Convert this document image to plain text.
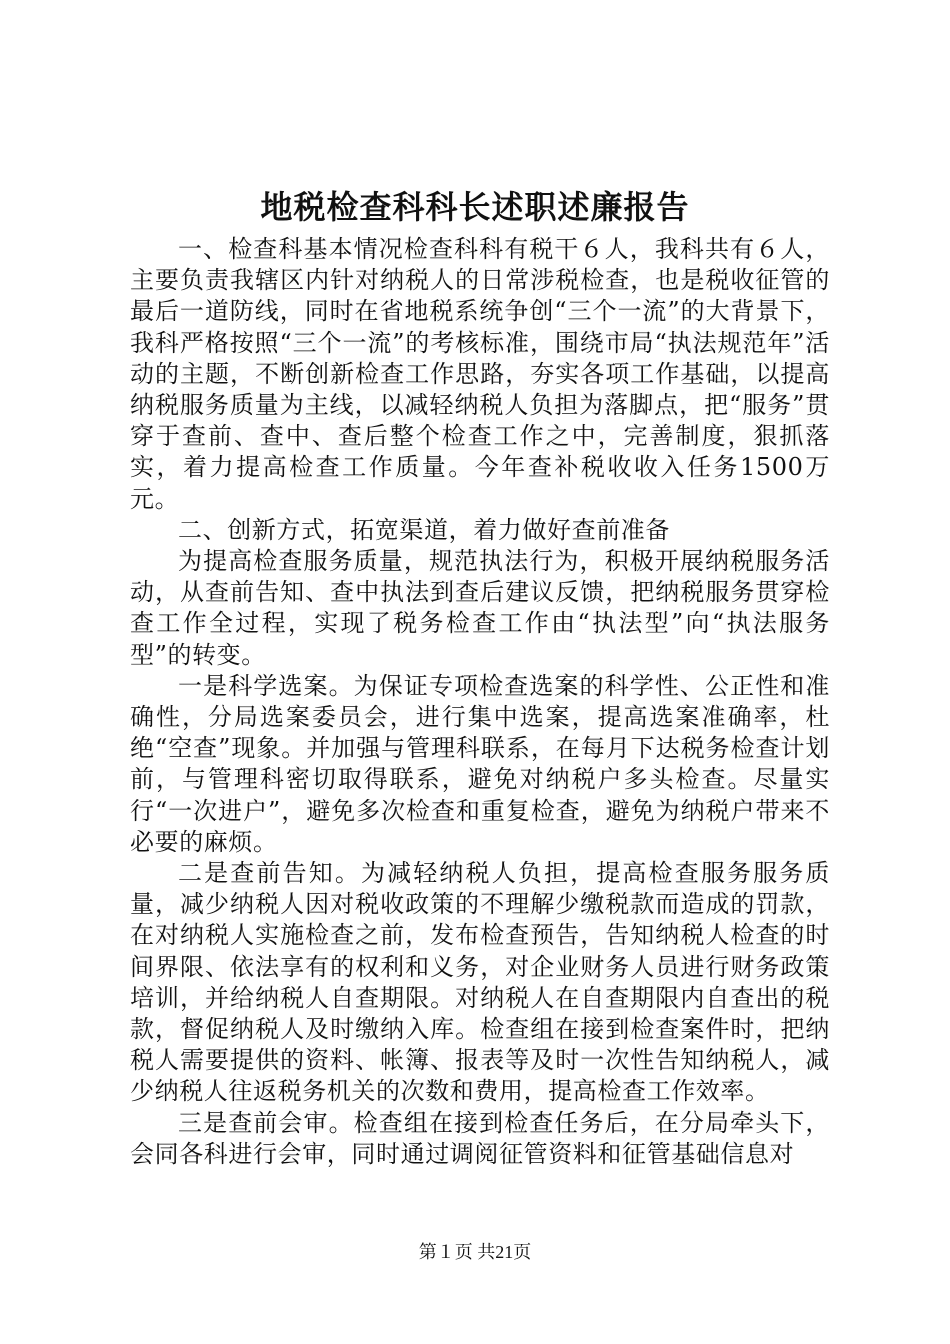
地税检查科科长述职述廉报告

一、检查科基本情况检查科科有税干６人，我科共有６人，主要负责我辖区内针对纳税人的日常涉税检查，也是税收征管的最后一道防线，同时在省地税系统争创“三个一流”的大背景下，我科严格按照“三个一流”的考核标准，围绕市局“执法规范年”活动的主题，不断创新检查工作思路，夯实各项工作基础，以提高纳税服务质量为主线，以减轻纳税人负担为落脚点，把“服务”贯穿于查前、查中、查后整个检查工作之中，完善制度，狠抓落实，着力提高检查工作质量。今年查补税收收入任务1500万元。

二、创新方式，拓宽渠道，着力做好查前准备

为提高检查服务质量，规范执法行为，积极开展纳税服务活动，从查前告知、查中执法到查后建议反馈，把纳税服务贯穿检查工作全过程，实现了税务检查工作由“执法型”向“执法服务型”的转变。

一是科学选案。为保证专项检查选案的科学性、公正性和准确性，分局选案委员会，进行集中选案，提高选案准确率，杜绝“空查”现象。并加强与管理科联系，在每月下达税务检查计划前，与管理科密切取得联系，避免对纳税户多头检查。尽量实行“一次进户”，避免多次检查和重复检查，避免为纳税户带来不必要的麻烦。

二是查前告知。为减轻纳税人负担，提高检查服务服务质量，减少纳税人因对税收政策的不理解少缴税款而造成的罚款，在对纳税人实施检查之前，发布检查预告，告知纳税人检查的时间界限、依法享有的权利和义务，对企业财务人员进行财务政策培训，并给纳税人自查期限。对纳税人在自查期限内自查出的税款，督促纳税人及时缴纳入库。检查组在接到检查案件时，把纳税人需要提供的资料、帐簿、报表等及时一次性告知纳税人，减少纳税人往返税务机关的次数和费用，提高检查工作效率。

三是查前会审。检查组在接到检查任务后，在分局牵头下，会同各科进行会审，同时通过调阅征管资料和征管基础信息对

第１页 共21页
